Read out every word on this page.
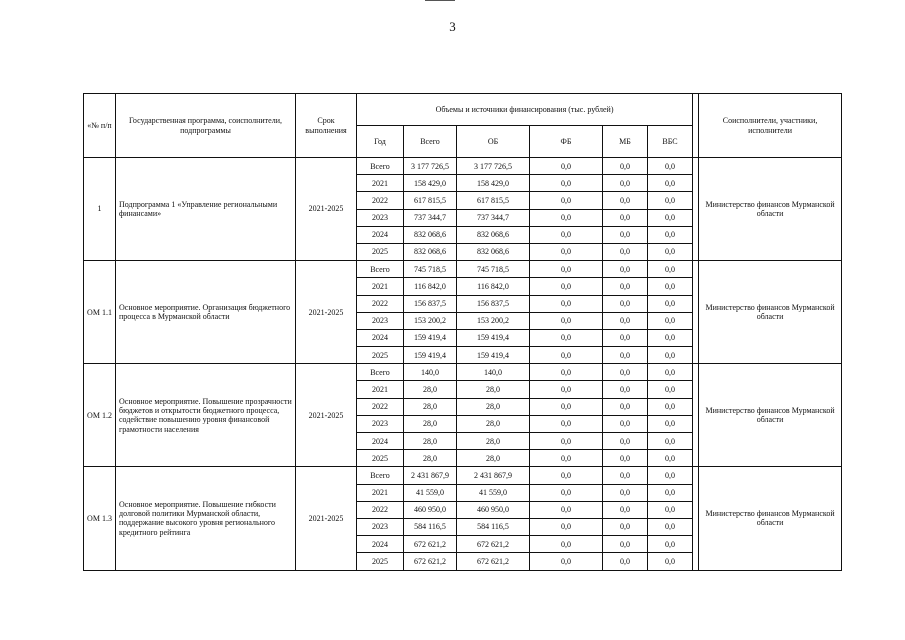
3
«№ п/п	Государственная программа, соисполнители, подпрограммы	Срок выполнения	Объемы и источники финансирования (тыс. рублей)							Соисполнители, участники, исполнители
			Год	Всего	ОБ	ФБ	МБ	ВБС		
1	Подпрограмма 1 «Управление региональными финансами»	2021-2025	Всего	3 177 726,5	3 177 726,5	0,0	0,0	0,0		Министерство финансов Мурманской области
			2021	158 429,0	158 429,0	0,0	0,0	0,0		
			2022	617 815,5	617 815,5	0,0	0,0	0,0		
			2023	737 344,7	737 344,7	0,0	0,0	0,0		
			2024	832 068,6	832 068,6	0,0	0,0	0,0		
			2025	832 068,6	832 068,6	0,0	0,0	0,0		
ОМ 1.1	Основное мероприятие. Организация бюджетного процесса в Мурманской области	2021-2025	Всего	745 718,5	745 718,5	0,0	0,0	0,0		Министерство финансов Мурманской области
			2021	116 842,0	116 842,0	0,0	0,0	0,0		
			2022	156 837,5	156 837,5	0,0	0,0	0,0		
			2023	153 200,2	153 200,2	0,0	0,0	0,0		
			2024	159 419,4	159 419,4	0,0	0,0	0,0		
			2025	159 419,4	159 419,4	0,0	0,0	0,0		
ОМ 1.2	Основное мероприятие. Повышение прозрачности бюджетов и открытости бюджетного процесса, содействие повышению уровня финансовой грамотности населения	2021-2025	Всего	140,0	140,0	0,0	0,0	0,0		Министерство финансов Мурманской области
			2021	28,0	28,0	0,0	0,0	0,0		
			2022	28,0	28,0	0,0	0,0	0,0		
			2023	28,0	28,0	0,0	0,0	0,0		
			2024	28,0	28,0	0,0	0,0	0,0		
			2025	28,0	28,0	0,0	0,0	0,0		
ОМ 1.3	Основное мероприятие. Повышение гибкости долговой политики Мурманской области, поддержание высокого уровня регионального кредитного рейтинга	2021-2025	Всего	2 431 867,9	2 431 867,9	0,0	0,0	0,0		Министерство финансов Мурманской области
			2021	41 559,0	41 559,0	0,0	0,0	0,0		
			2022	460 950,0	460 950,0	0,0	0,0	0,0		
			2023	584 116,5	584 116,5	0,0	0,0	0,0		
			2024	672 621,2	672 621,2	0,0	0,0	0,0		
			2025	672 621,2	672 621,2	0,0	0,0	0,0		
